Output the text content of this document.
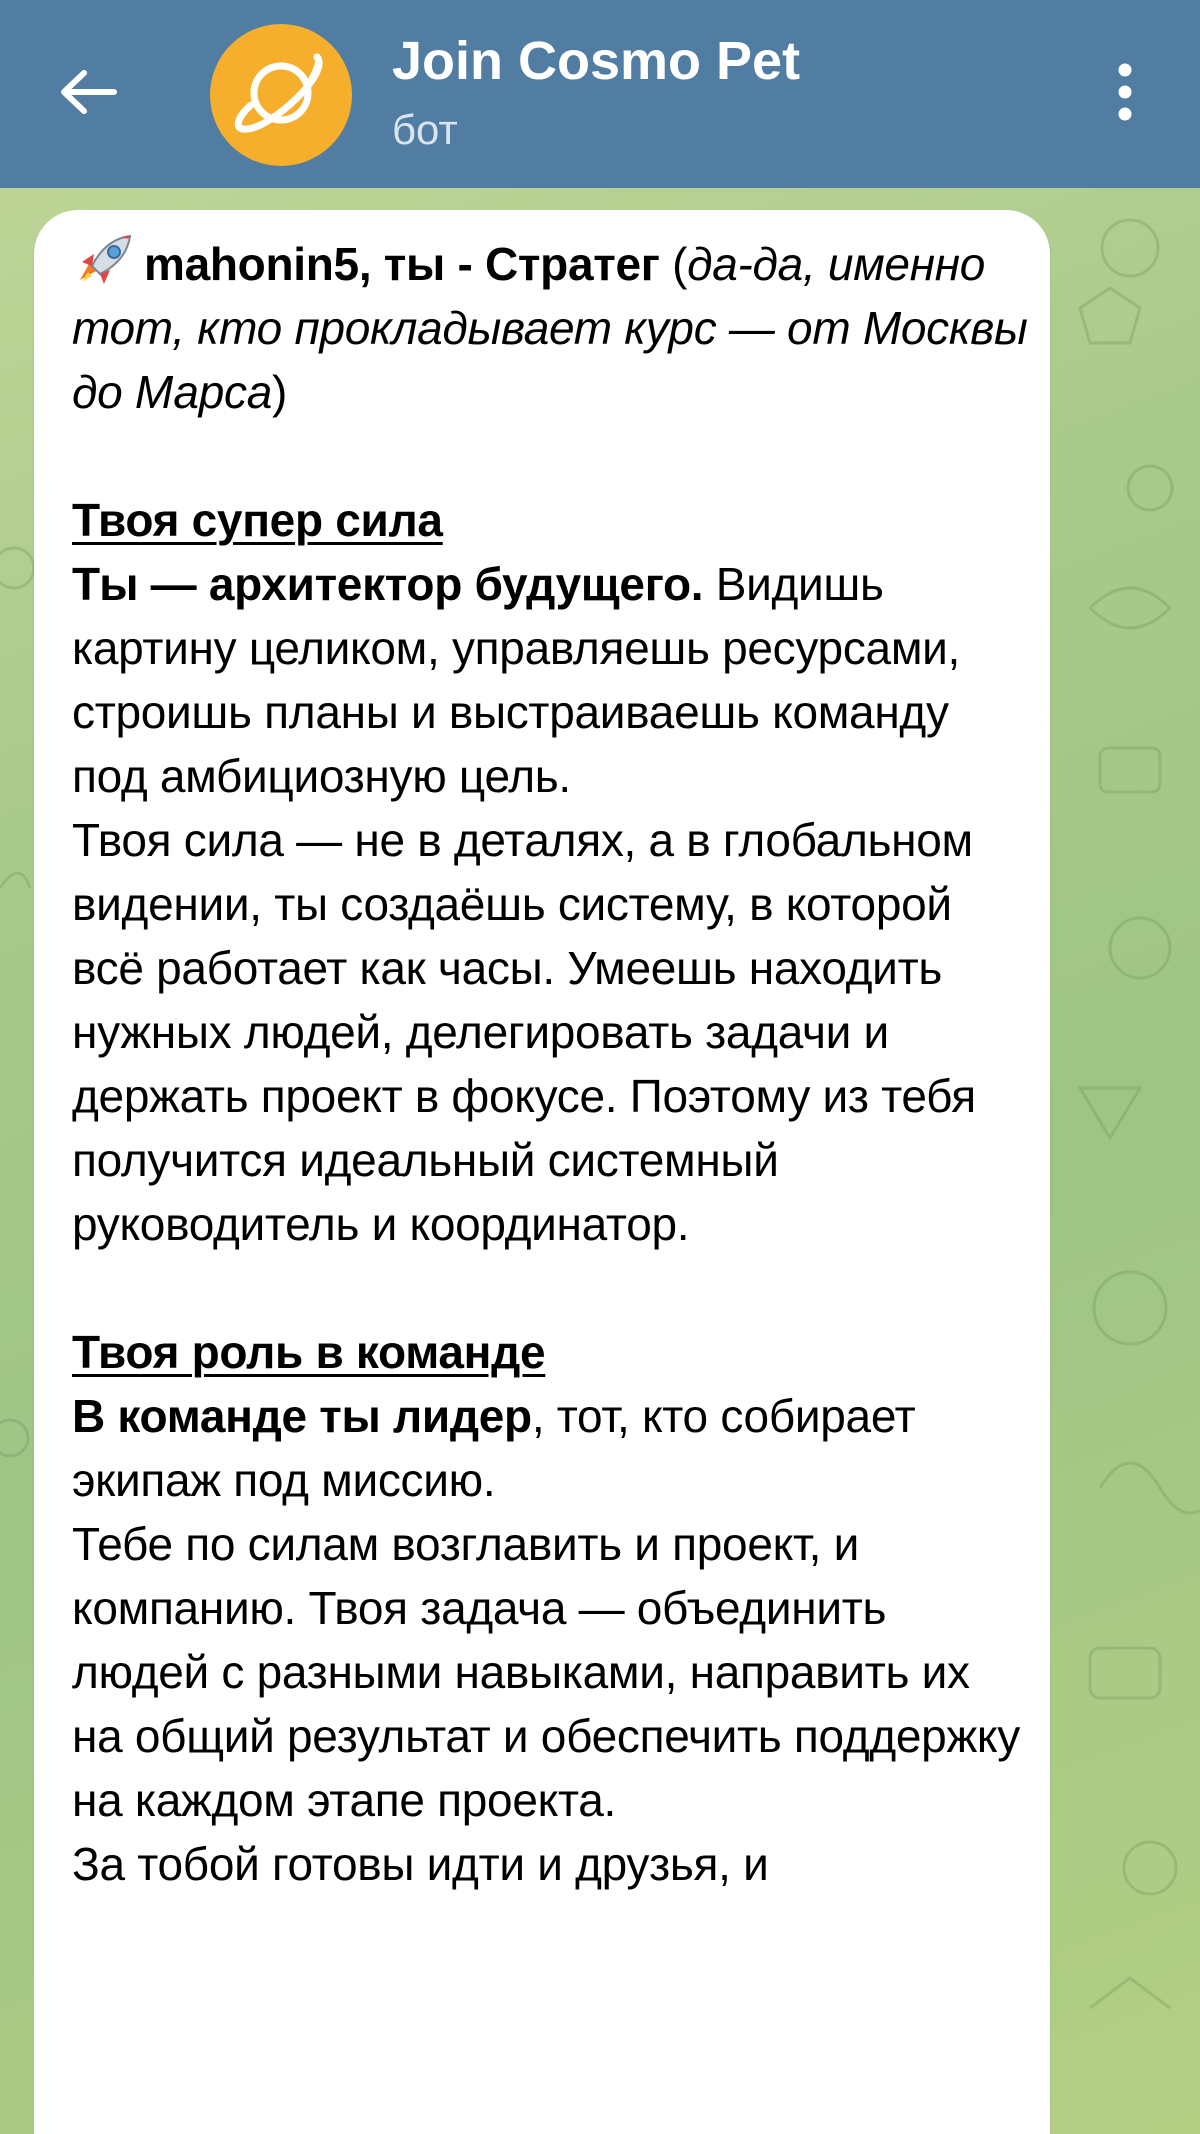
Join Cosmo Pet
бот

mahonin5, ты - Стратег (да-да, именно тот, кто прокладывает курс — от Москвы до Марса)

Твоя супер сила

Ты — архитектор будущего. Видишь картину целиком, управляешь ресурсами, строишь планы и выстраиваешь команду под амбициозную цель.

Твоя сила — не в деталях, а в глобальном видении, ты создаёшь систему, в которой всё работает как часы. Умеешь находить нужных людей, делегировать задачи и держать проект в фокусе. Поэтому из тебя получится идеальный системный руководитель и координатор.

Твоя роль в команде

В команде ты лидер, тот, кто собирает экипаж под миссию.

Тебе по силам возглавить и проект, и компанию. Твоя задача — объединить людей с разными навыками, направить их на общий результат и обеспечить поддержку на каждом этапе проекта.

За тобой готовы идти и друзья, и
